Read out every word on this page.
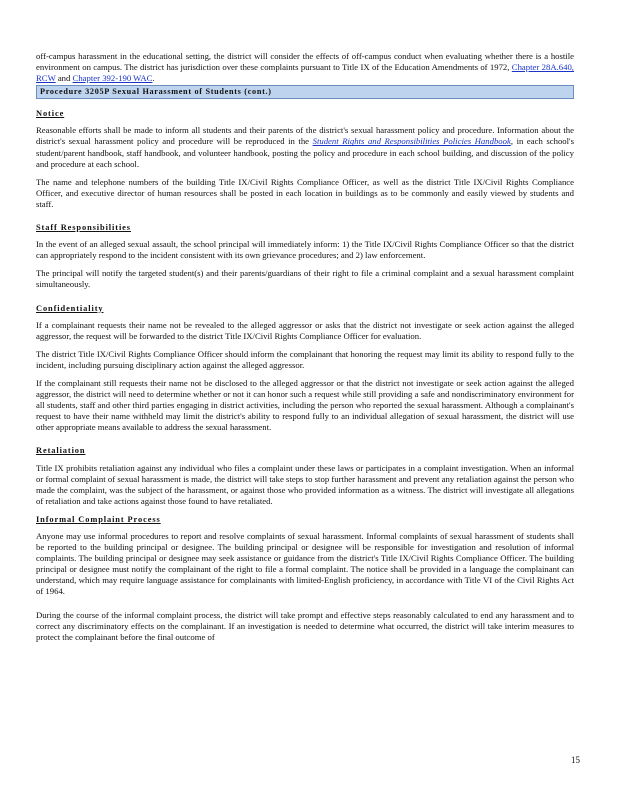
off-campus harassment in the educational setting, the district will consider the effects of off-campus conduct when evaluating whether there is a hostile environment on campus. The district has jurisdiction over these complaints pursuant to Title IX of the Education Amendments of 1972, Chapter 28A.640, RCW and Chapter 392-190 WAC.

Procedure 3205P Sexual Harassment of Students (cont.)
Notice

Reasonable efforts shall be made to inform all students and their parents of the district's sexual harassment policy and procedure. Information about the district's sexual harassment policy and procedure will be reproduced in the Student Rights and Responsibilities Policies Handbook, in each school's student/parent handbook, staff handbook, and volunteer handbook, posting the policy and procedure in each school building, and discussion of the policy and procedure at each school.

The name and telephone numbers of the building Title IX/Civil Rights Compliance Officer, as well as the district Title IX/Civil Rights Compliance Officer, and executive director of human resources shall be posted in each location in buildings as to be commonly and easily viewed by students and staff.

Staff Responsibilities

In the event of an alleged sexual assault, the school principal will immediately inform: 1) the Title IX/Civil Rights Compliance Officer so that the district can appropriately respond to the incident consistent with its own grievance procedures; and 2) law enforcement.

The principal will notify the targeted student(s) and their parents/guardians of their right to file a criminal complaint and a sexual harassment complaint simultaneously.

Confidentiality

If a complainant requests their name not be revealed to the alleged aggressor or asks that the district not investigate or seek action against the alleged aggressor, the request will be forwarded to the district Title IX/Civil Rights Compliance Officer for evaluation.

The district Title IX/Civil Rights Compliance Officer should inform the complainant that honoring the request may limit its ability to respond fully to the incident, including pursuing disciplinary action against the alleged aggressor.

If the complainant still requests their name not be disclosed to the alleged aggressor or that the district not investigate or seek action against the alleged aggressor, the district will need to determine whether or not it can honor such a request while still providing a safe and nondiscriminatory environment for all students, staff and other third parties engaging in district activities, including the person who reported the sexual harassment. Although a complainant's request to have their name withheld may limit the district's ability to respond fully to an individual allegation of sexual harassment, the district will use other appropriate means available to address the sexual harassment.

Retaliation

Title IX prohibits retaliation against any individual who files a complaint under these laws or participates in a complaint investigation. When an informal or formal complaint of sexual harassment is made, the district will take steps to stop further harassment and prevent any retaliation against the person who made the complaint, was the subject of the harassment, or against those who provided information as a witness. The district will investigate all allegations of retaliation and take actions against those found to have retaliated.

Informal Complaint Process

Anyone may use informal procedures to report and resolve complaints of sexual harassment. Informal complaints of sexual harassment of students shall be reported to the building principal or designee. The building principal or designee will be responsible for investigation and resolution of informal complaints. The building principal or designee may seek assistance or guidance from the district's Title IX/Civil Rights Compliance Officer. The building principal or designee must notify the complainant of the right to file a formal complaint. The notice shall be provided in a language the complainant can understand, which may require language assistance for complainants with limited-English proficiency, in accordance with Title VI of the Civil Rights Act of 1964.

During the course of the informal complaint process, the district will take prompt and effective steps reasonably calculated to end any harassment and to correct any discriminatory effects on the complainant. If an investigation is needed to determine what occurred, the district will take interim measures to protect the complainant before the final outcome of

15
